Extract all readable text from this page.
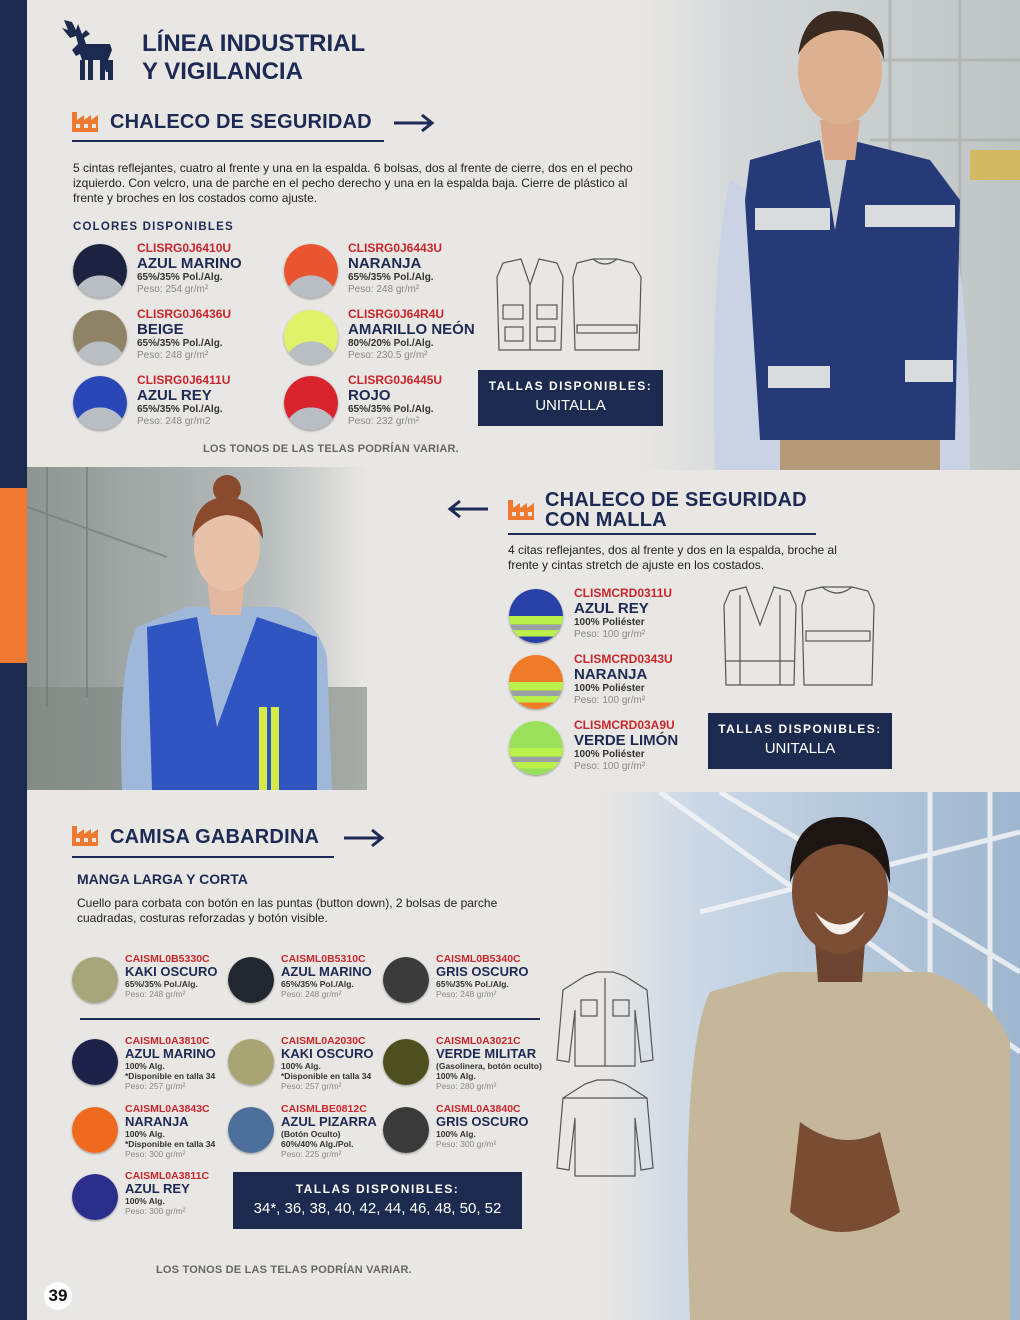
LÍNEA INDUSTRIAL
Y VIGILANCIA
CHALECO DE SEGURIDAD
5 cintas reflejantes, cuatro al frente y una en la espalda. 6 bolsas, dos al frente de cierre, dos en el pecho izquierdo. Con velcro, una de parche en el pecho derecho y una en la espalda baja. Cierre de plástico al frente y broches en los costados como ajuste.
COLORES DISPONIBLES
CLISRG0J6410U
AZUL MARINO
65%/35% Pol./Alg.
Peso: 254 gr/m²
CLISRG0J6436U
BEIGE
65%/35% Pol./Alg.
Peso: 248 gr/m²
CLISRG0J6411U
AZUL REY
65%/35% Pol./Alg.
Peso: 248 gr/m2
CLISRG0J6443U
NARANJA
65%/35% Pol./Alg.
Peso: 248 gr/m²
CLISRG0J64R4U
AMARILLO NEÓN
80%/20% Pol./Alg.
Peso: 230.5 gr/m²
CLISRG0J6445U
ROJO
65%/35% Pol./Alg.
Peso: 232 gr/m²
TALLAS DISPONIBLES:
UNITALLA
LOS TONOS DE LAS TELAS PODRÍAN VARIAR.
CHALECO DE SEGURIDAD
CON MALLA
4 citas reflejantes, dos al frente y dos en la espalda, broche al frente y cintas stretch de ajuste en los costados.
CLISMCRD0311U
AZUL REY
100% Poliéster
Peso: 100 gr/m²
CLISMCRD0343U
NARANJA
100% Poliéster
Peso: 100 gr/m²
CLISMCRD03A9U
VERDE LIMÓN
100% Poliéster
Peso: 100 gr/m²
TALLAS DISPONIBLES:
UNITALLA
CAMISA GABARDINA
MANGA LARGA Y CORTA
Cuello para corbata con botón en las puntas (button down), 2 bolsas de parche cuadradas, costuras reforzadas y botón visible.
CAISML0B5330C
KAKI OSCURO
65%/35% Pol./Alg.
Peso: 248 gr/m²
CAISML0B5310C
AZUL MARINO
65%/35% Pol./Alg.
Peso: 248 gr/m²
CAISML0B5340C
GRIS OSCURO
65%/35% Pol./Alg.
Peso: 248 gr/m²
CAISML0A3810C
AZUL MARINO
100% Alg.
*Disponible en talla 34
Peso: 257 gr/m²
CAISML0A2030C
KAKI OSCURO
100% Alg.
*Disponible en talla 34
Peso: 257 gr/m²
CAISML0A3021C
VERDE MILITAR
(Gasolinera, botón oculto)
100% Alg.
Peso: 280 gr/m²
CAISML0A3843C
NARANJA
100% Alg.
*Disponible en talla 34
Peso: 300 gr/m²
CAISMLBE0812C
AZUL PIZARRA
(Botón Oculto)
60%/40% Alg./Pol.
Peso: 225 gr/m²
CAISML0A3840C
GRIS OSCURO
100% Alg.
Peso: 300 gr/m²
CAISML0A3811C
AZUL REY
100% Alg.
Peso: 300 gr/m²
TALLAS DISPONIBLES:
34*, 36, 38, 40, 42, 44, 46, 48, 50, 52
LOS TONOS DE LAS TELAS PODRÍAN VARIAR.
39
